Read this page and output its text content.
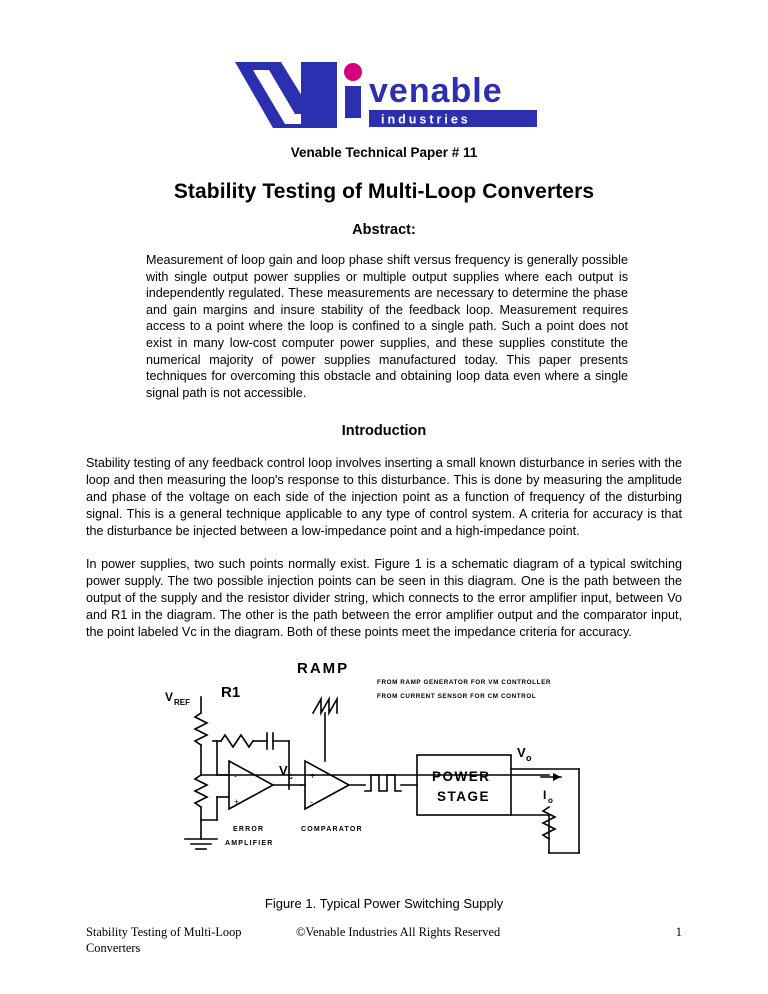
venable
industries
Venable Technical Paper # 11
Stability Testing of Multi-Loop Converters
Abstract:
Measurement of loop gain and loop phase shift versus frequency is generally possible with single output power supplies or multiple output supplies where each output is independently regulated. These measurements are necessary to determine the phase and gain margins and insure stability of the feedback loop. Measurement requires access to a point where the loop is confined to a single path. Such a point does not exist in many low-cost computer power supplies, and these supplies constitute the numerical majority of power supplies manufactured today. This paper presents techniques for overcoming this obstacle and obtaining loop data even where a single signal path is not accessible.
Introduction

Stability testing of any feedback control loop involves inserting a small known disturbance in series with the loop and then measuring the loop's response to this disturbance. This is done by measuring the amplitude and phase of the voltage on each side of the injection point as a function of frequency of the disturbing signal. This is a general technique applicable to any type of control system. A criteria for accuracy is that the disturbance be injected between a low-impedance point and a high-impedance point.

In power supplies, two such points normally exist. Figure 1 is a schematic diagram of a typical switching power supply. The two possible injection points can be seen in this diagram. One is the path between the output of the supply and the resistor divider string, which connects to the error amplifier input, between Vo and R1 in the diagram. The other is the path between the error amplifier output and the comparator input, the point labeled Vc in the diagram. Both of these points meet the impedance criteria for accuracy.

RAMP
FROM RAMP GENERATOR FOR VM CONTROLLER
FROM CURRENT SENSOR FOR CM CONTROL
V REF
R1
-
+
ERROR
AMPLIFIER
V c +
-
COMPARATOR
POWER
STAGE	I o
V o
Figure 1. Typical Power Switching Supply
Stability Testing of Multi-Loop Converters
©Venable Industries All Rights Reserved	1
